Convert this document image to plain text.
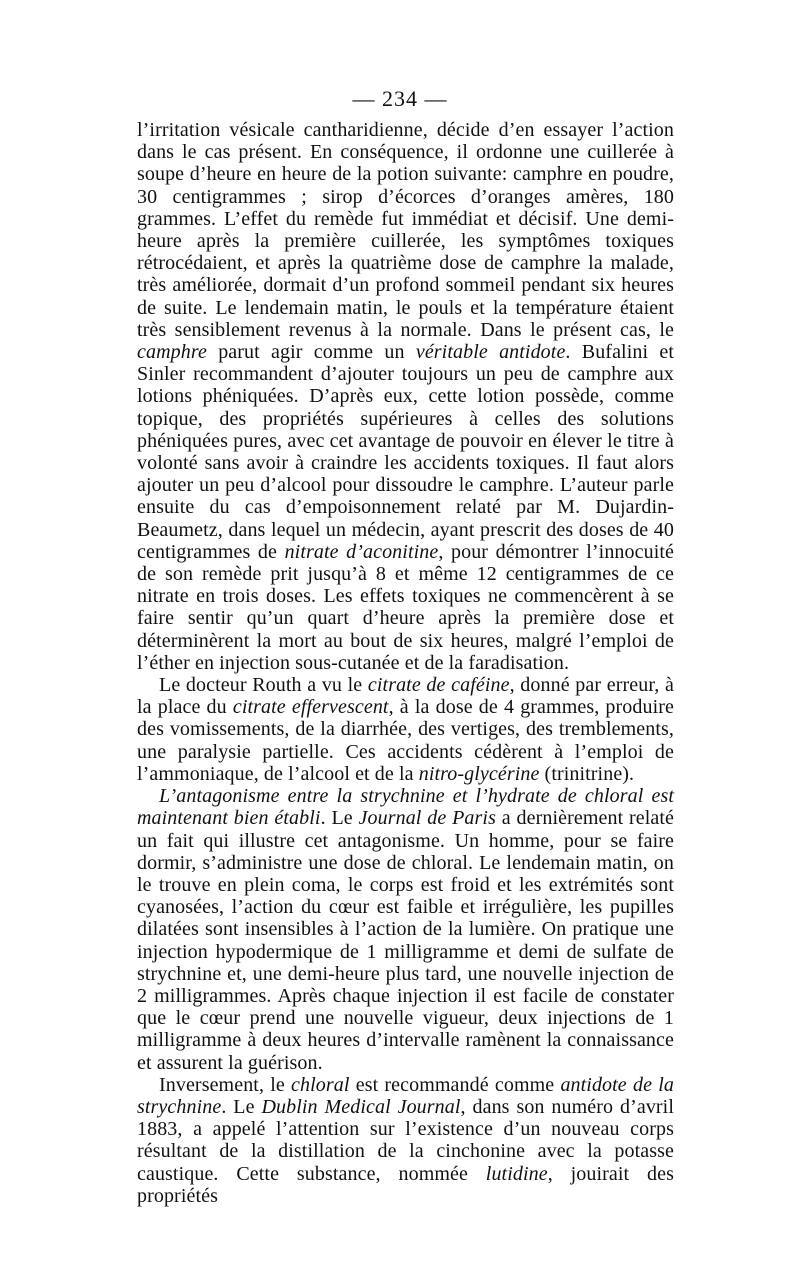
— 234 —

l’irritation vésicale cantharidienne, décide d’en essayer l’action dans le cas présent. En conséquence, il ordonne une cuillerée à soupe d’heure en heure de la potion suivante: camphre en poudre, 30 centigrammes ; sirop d’écorces d’oranges amères, 180 grammes. L’effet du remède fut immédiat et décisif. Une demi-heure après la première cuillerée, les symptômes toxiques rétrocédaient, et après la quatrième dose de camphre la malade, très améliorée, dormait d’un profond sommeil pendant six heures de suite. Le lendemain matin, le pouls et la température étaient très sensiblement revenus à la normale. Dans le présent cas, le camphre parut agir comme un véritable antidote. Bufalini et Sinler recommandent d’ajouter toujours un peu de camphre aux lotions phéniquées. D’après eux, cette lotion possède, comme topique, des propriétés supérieures à celles des solutions phéniquées pures, avec cet avantage de pouvoir en élever le titre à volonté sans avoir à craindre les accidents toxiques. Il faut alors ajouter un peu d’alcool pour dissoudre le camphre. L’auteur parle ensuite du cas d’empoisonnement relaté par M. Dujardin-Beaumetz, dans lequel un médecin, ayant prescrit des doses de 40 centigrammes de nitrate d’aconitine, pour démontrer l’innocuité de son remède prit jusqu’à 8 et même 12 centigrammes de ce nitrate en trois doses. Les effets toxiques ne commencèrent à se faire sentir qu’un quart d’heure après la première dose et déterminèrent la mort au bout de six heures, malgré l’emploi de l’éther en injection sous-cutanée et de la faradisation.

Le docteur Routh a vu le citrate de caféine, donné par erreur, à la place du citrate effervescent, à la dose de 4 grammes, produire des vomissements, de la diarrhée, des vertiges, des tremblements, une paralysie partielle. Ces accidents cédèrent à l’emploi de l’ammoniaque, de l’alcool et de la nitro-glycérine (trinitrine).

L’antagonisme entre la strychnine et l’hydrate de chloral est maintenant bien établi. Le Journal de Paris a dernièrement relaté un fait qui illustre cet antagonisme. Un homme, pour se faire dormir, s’administre une dose de chloral. Le lendemain matin, on le trouve en plein coma, le corps est froid et les extrémités sont cyanosées, l’action du cœur est faible et irrégulière, les pupilles dilatées sont insensibles à l’action de la lumière. On pratique une injection hypodermique de 1 milligramme et demi de sulfate de strychnine et, une demi-heure plus tard, une nouvelle injection de 2 milligrammes. Après chaque injection il est facile de constater que le cœur prend une nouvelle vigueur, deux injections de 1 milligramme à deux heures d’intervalle ramènent la connaissance et assurent la guérison.

Inversement, le chloral est recommandé comme antidote de la strychnine. Le Dublin Medical Journal, dans son numéro d’avril 1883, a appelé l’attention sur l’existence d’un nouveau corps résultant de la distillation de la cinchonine avec la potasse caustique. Cette substance, nommée lutidine, jouirait des propriétés
